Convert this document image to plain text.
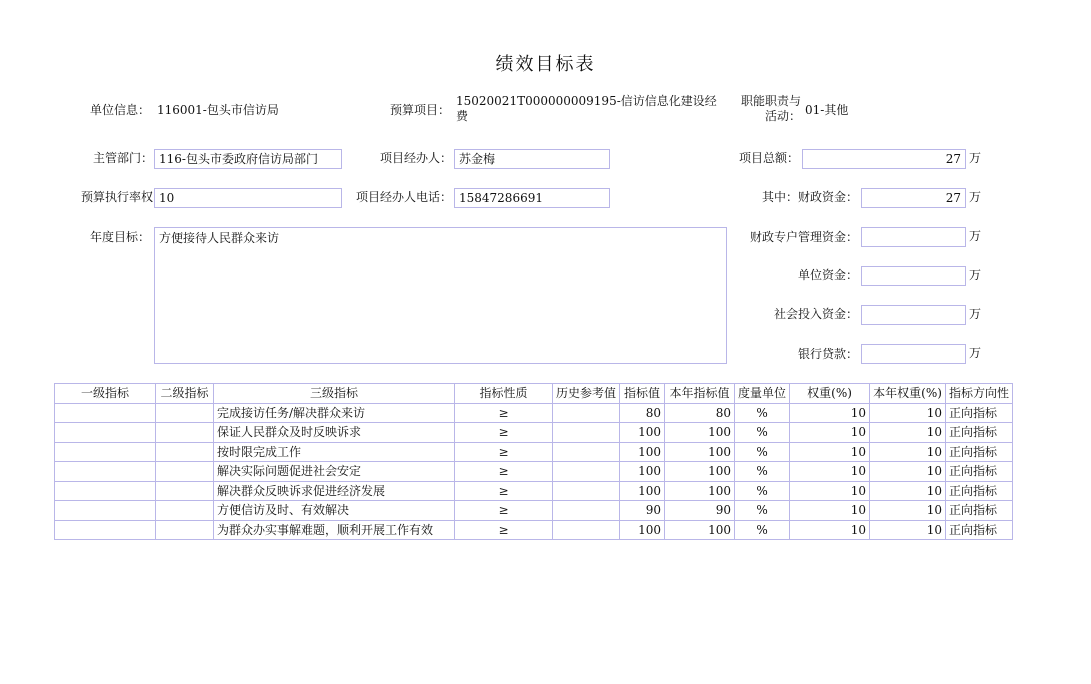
绩效目标表
单位信息： 116001-包头市信访局	预算项目：
15020021T000000009195-信访信息化建设经
费
职能职责与
活动： 01-其他
主管部门： 116-包头市委政府信访局部门	项目经办人： 苏金梅	项目总额：	27 万
预算执行率权 10	项目经办人电话： 15847286691	其中：财政资金：	27 万
年度目标： 方便接待人民群众来访	财政专户管理资金：	万
单位资金：	万
社会投入资金：	万
银行贷款：	万
一级指标	二级指标	三级指标	指标性质	历史参考值	指标值	本年指标值	度量单位	权重(%)	本年权重(%)	指标方向性
		完成接访任务/解决群众来访	≥		80	80	%	10	10	正向指标
		保证人民群众及时反映诉求	≥		100	100	%	10	10	正向指标
		按时限完成工作	≥		100	100	%	10	10	正向指标
		解决实际问题促进社会安定	≥		100	100	%	10	10	正向指标
		解决群众反映诉求促进经济发展	≥		100	100	%	10	10	正向指标
		方便信访及时、有效解决	≥		90	90	%	10	10	正向指标
		为群众办实事解难题，顺利开展工作有效	≥		100	100	%	10	10	正向指标
